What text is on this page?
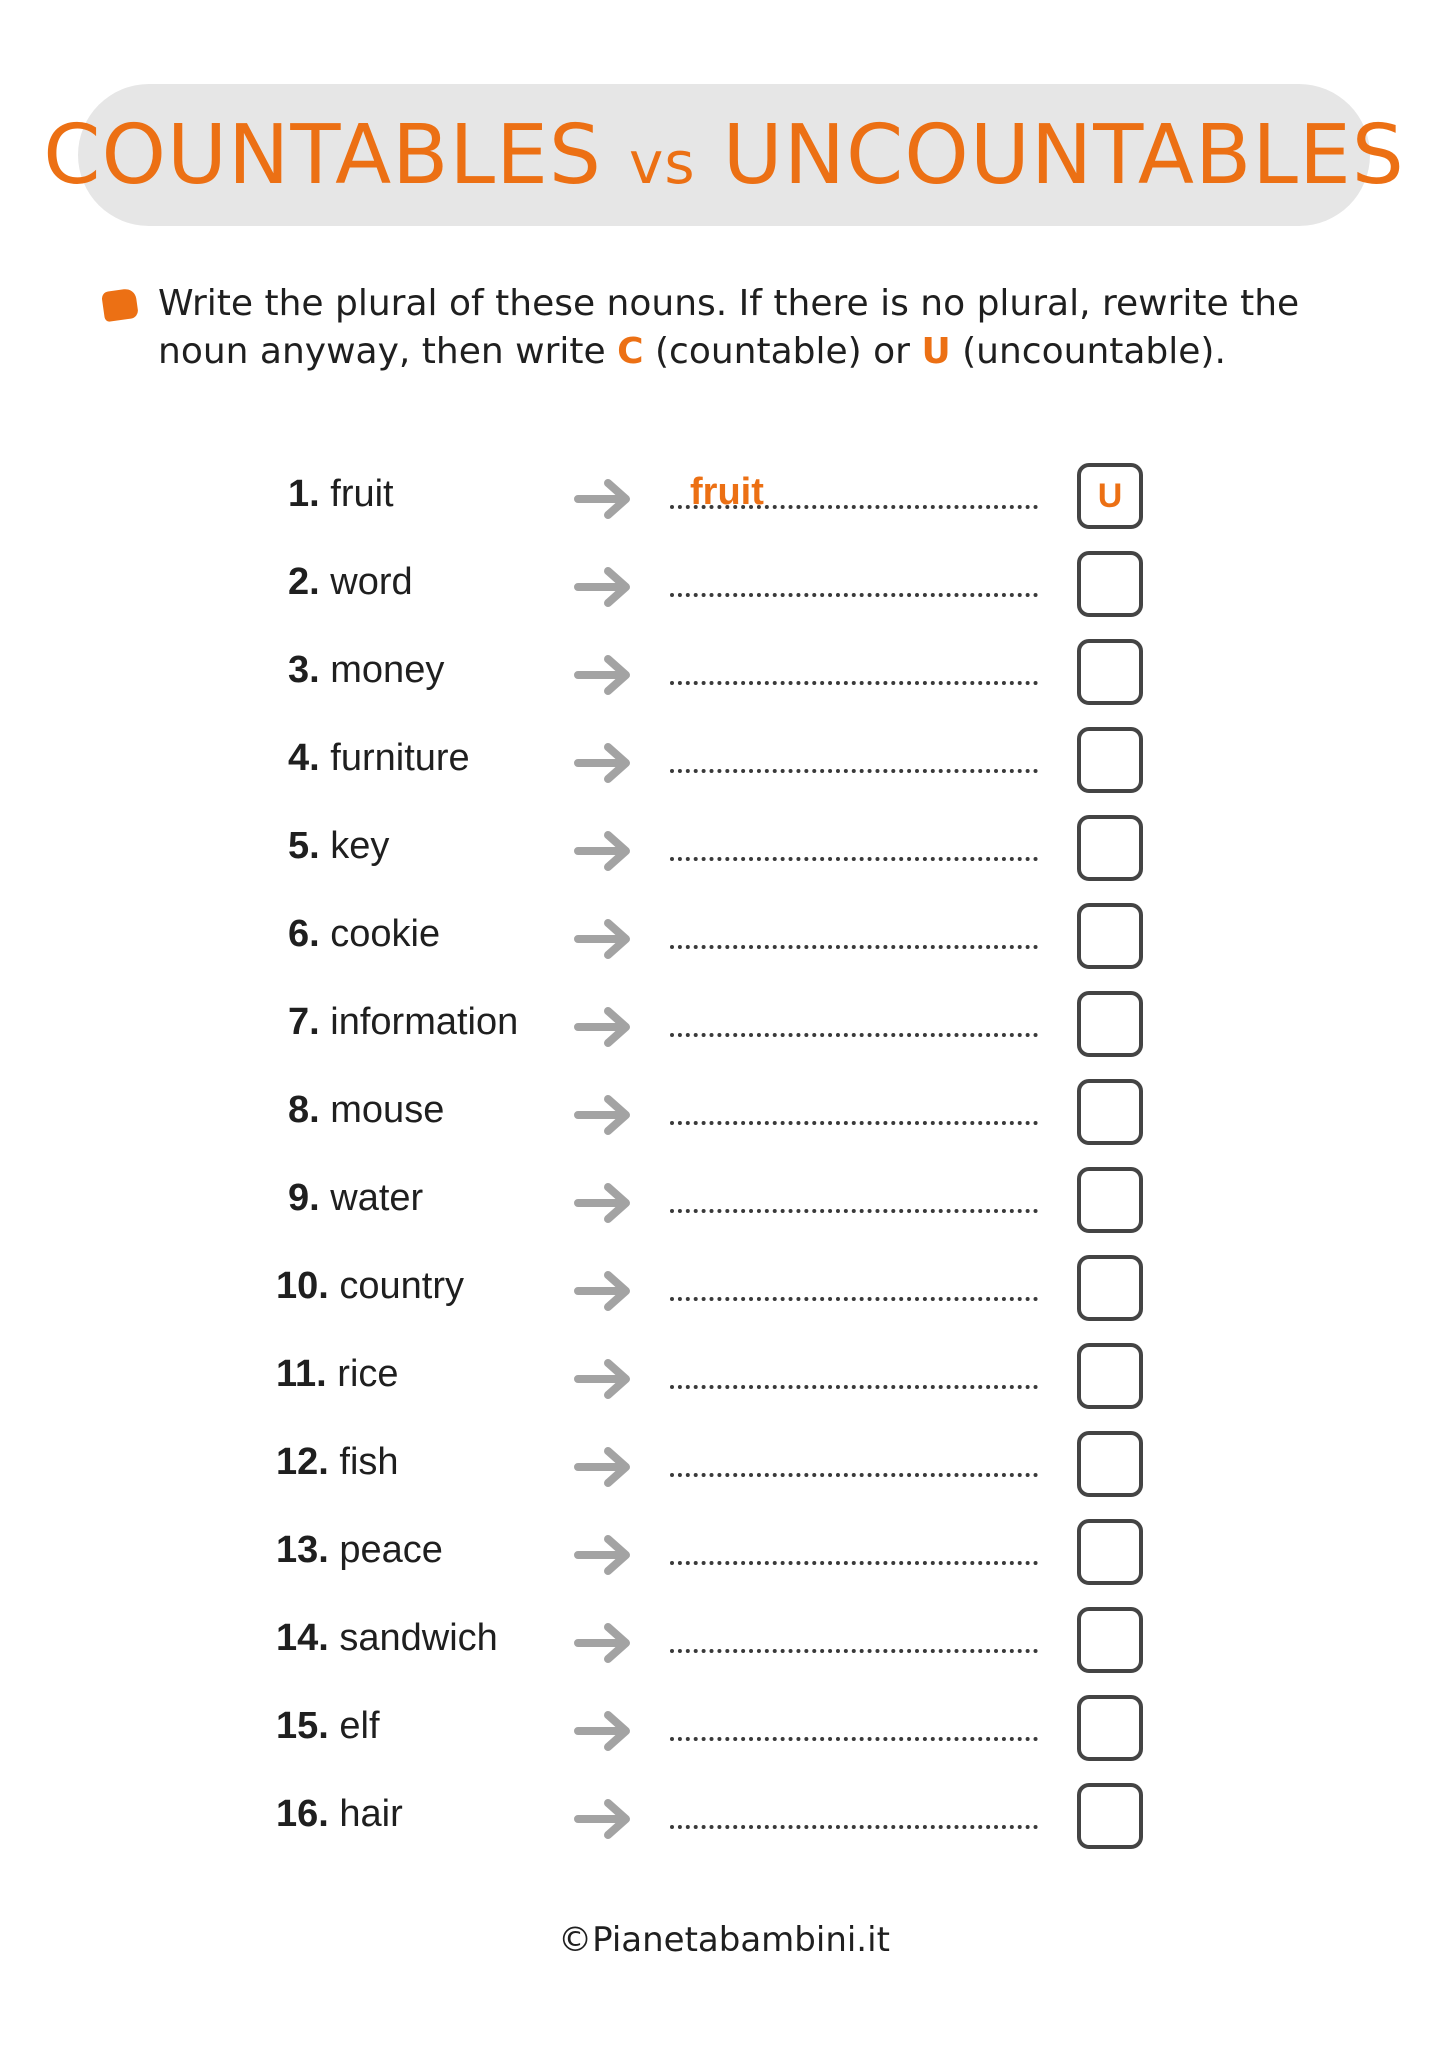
COUNTABLES vs UNCOUNTABLES
Write the plural of these nouns. If there is no plural, rewrite the noun anyway, then write C (countable) or U (uncountable).
1. fruit	fruit	U
2. word
3. money
4. furniture
5. key
6. cookie
7. information
8. mouse
9. water
10. country
11. rice
12. fish
13. peace
14. sandwich
15. elf
16. hair
©Pianetabambini.it
